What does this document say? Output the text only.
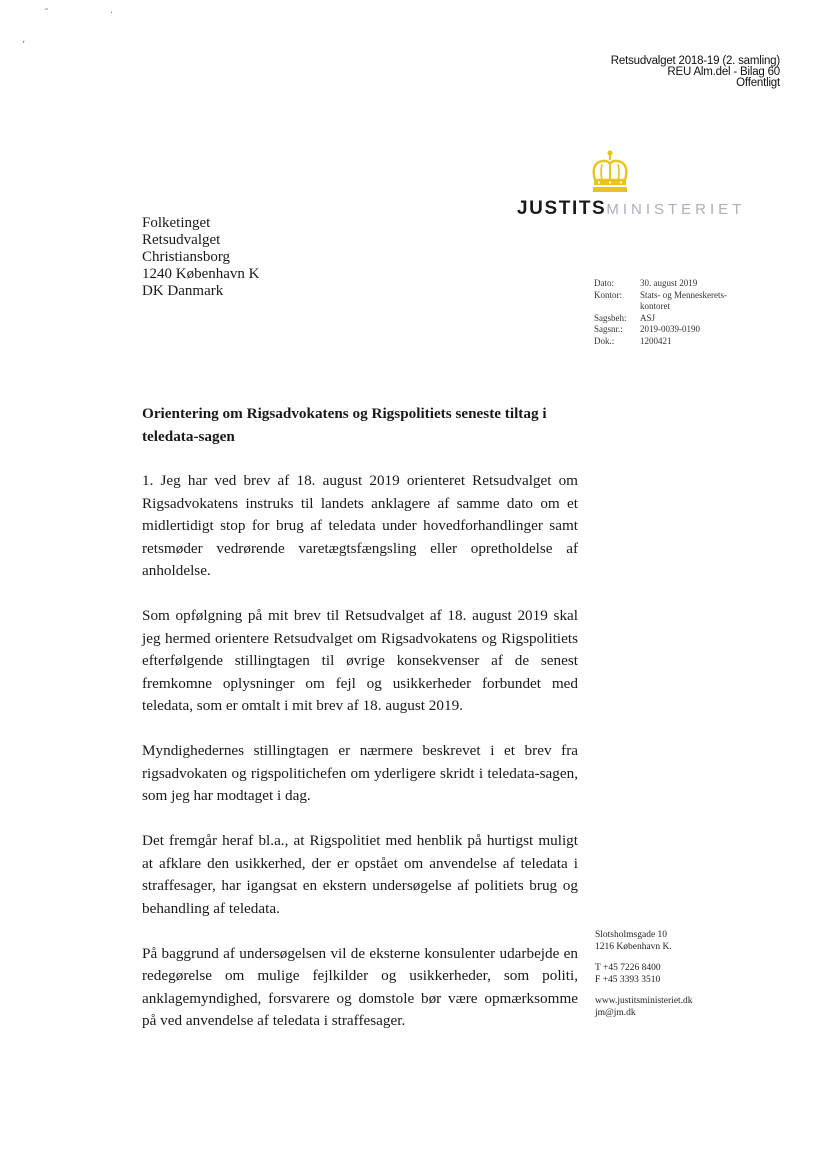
ˇ	·
ʼ
Retsudvalget 2018-19 (2. samling)
REU Alm.del - Bilag 60
Offentligt
JUSTITSMINISTERIET
Folketinget
Retsudvalget
Christiansborg
1240 København K
DK Danmark	Dato:	30. august 2019
Kontor:	Stats- og Menneskerets-kontoret
Sagsbeh:	ASJ
Sagsnr.:	2019-0039-0190
Dok.:	1200421

Orientering om Rigsadvokatens og Rigspolitiets seneste tiltag i teledata-sagen

1. Jeg har ved brev af 18. august 2019 orienteret Retsudvalget om Rigsadvokatens instruks til landets anklagere af samme dato om et midlertidigt stop for brug af teledata under hovedforhandlinger samt retsmøder vedrørende varetægtsfængsling eller opretholdelse af anholdelse.

Som opfølgning på mit brev til Retsudvalget af 18. august 2019 skal jeg hermed orientere Retsudvalget om Rigsadvokatens og Rigspolitiets efterfølgende stillingtagen til øvrige konsekvenser af de senest fremkomne oplysninger om fejl og usikkerheder forbundet med teledata, som er omtalt i mit brev af 18. august 2019.

Myndighedernes stillingtagen er nærmere beskrevet i et brev fra rigsadvokaten og rigspolitichefen om yderligere skridt i teledata-sagen, som jeg har modtaget i dag.

Det fremgår heraf bl.a., at Rigspolitiet med henblik på hurtigst muligt at afklare den usikkerhed, der er opstået om anvendelse af teledata i straffesager, har igangsat en ekstern undersøgelse af politiets brug og behandling af teledata.

På baggrund af undersøgelsen vil de eksterne konsulenter udarbejde en redegørelse om mulige fejlkilder og usikkerheder, som politi, anklagemyndighed, forsvarere og domstole bør være opmærksomme på ved anvendelse af teledata i straffesager.

Slotsholmsgade 10
1216 København K.
T +45 7226 8400
F +45 3393 3510
www.justitsministeriet.dk
jm@jm.dk
